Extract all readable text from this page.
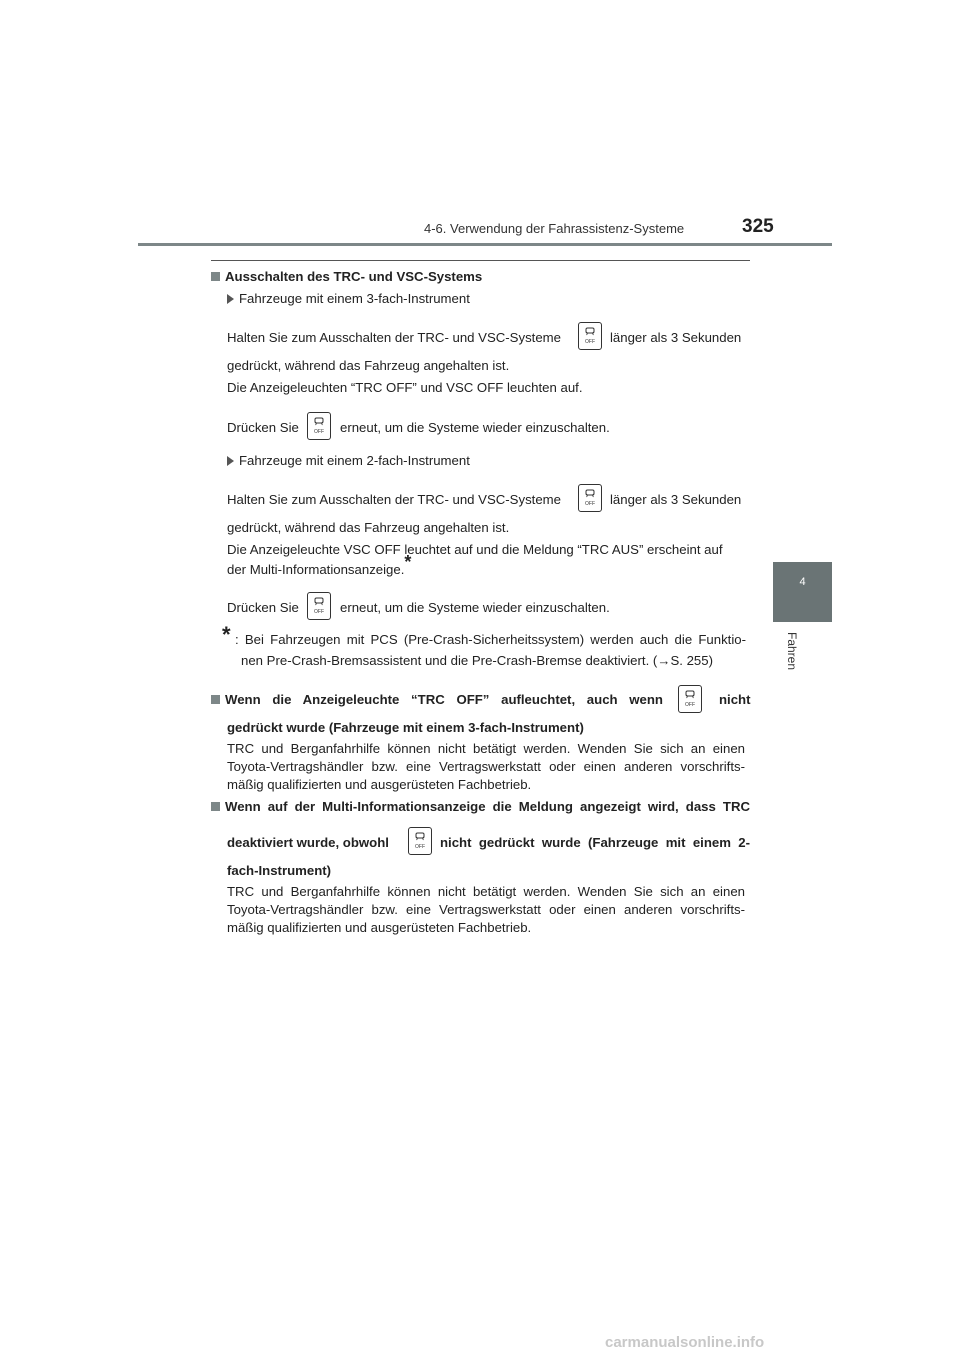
4-6. Verwendung der Fahrassistenz-Systeme	325
4
Fahren
Ausschalten des TRC- und VSC-Systems
Fahrzeuge mit einem 3-fach-Instrument
Halten Sie zum Ausschalten der TRC- und VSC-Systeme	OFF länger als 3 Sekunden
gedrückt, während das Fahrzeug angehalten ist.
Die Anzeigeleuchten “TRC OFF” und VSC OFF leuchten auf.
Drücken Sie	OFF erneut, um die Systeme wieder einzuschalten.
Fahrzeuge mit einem 2-fach-Instrument
Halten Sie zum Ausschalten der TRC- und VSC-Systeme	OFF länger als 3 Sekunden
gedrückt, während das Fahrzeug angehalten ist.
Die Anzeigeleuchte VSC OFF leuchtet auf und die Meldung “TRC AUS” erscheint auf
der Multi-Informationsanzeige.*
Drücken Sie	OFF erneut, um die Systeme wieder einzuschalten.
* : Bei Fahrzeugen mit PCS (Pre-Crash-Sicherheitssystem) werden auch die Funktio-
nen Pre-Crash-Bremsassistent und die Pre-Crash-Bremse deaktiviert. (→S. 255)
Wenn die Anzeigeleuchte “TRC OFF” aufleuchtet, auch wenn	OFF nicht
gedrückt wurde (Fahrzeuge mit einem 3-fach-Instrument)
TRC und Berganfahrhilfe können nicht betätigt werden. Wenden Sie sich an einen
Toyota-Vertragshändler bzw. eine Vertragswerkstatt oder einen anderen vorschrifts-
mäßig qualifizierten und ausgerüsteten Fachbetrieb.
Wenn auf der Multi-Informationsanzeige die Meldung angezeigt wird, dass TRC
deaktiviert wurde, obwohl	OFF nicht gedrückt wurde (Fahrzeuge mit einem 2-
fach-Instrument)
TRC und Berganfahrhilfe können nicht betätigt werden. Wenden Sie sich an einen
Toyota-Vertragshändler bzw. eine Vertragswerkstatt oder einen anderen vorschrifts-
mäßig qualifizierten und ausgerüsteten Fachbetrieb.
carmanualsonline.info
